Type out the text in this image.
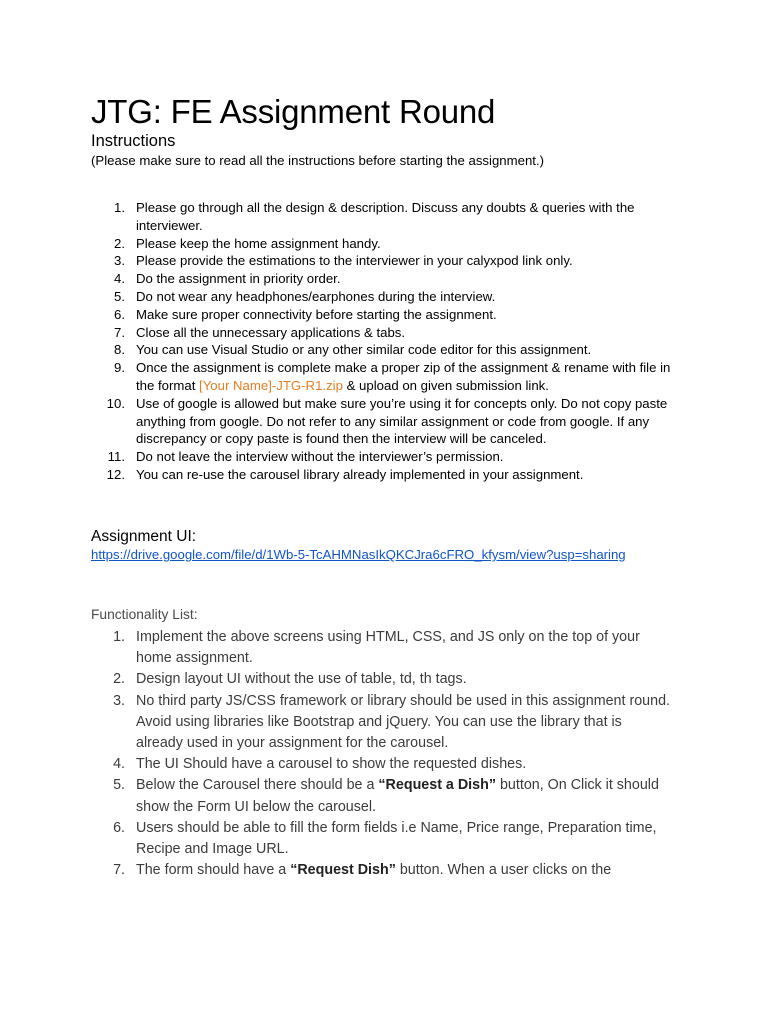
JTG: FE Assignment Round
Instructions
(Please make sure to read all the instructions before starting the assignment.)
1. Please go through all the design & description. Discuss any doubts & queries with the interviewer.
2. Please keep the home assignment handy.
3. Please provide the estimations to the interviewer in your calyxpod link only.
4. Do the assignment in priority order.
5. Do not wear any headphones/earphones during the interview.
6. Make sure proper connectivity before starting the assignment.
7. Close all the unnecessary applications & tabs.
8. You can use Visual Studio or any other similar code editor for this assignment.
9. Once the assignment is complete make a proper zip of the assignment & rename with file in the format [Your Name]-JTG-R1.zip & upload on given submission link.
10. Use of google is allowed but make sure you’re using it for concepts only. Do not copy paste anything from google. Do not refer to any similar assignment or code from google. If any discrepancy or copy paste is found then the interview will be canceled.
11. Do not leave the interview without the interviewer’s permission.
12. You can re-use the carousel library already implemented in your assignment.
Assignment UI:
https://drive.google.com/file/d/1Wb-5-TcAHMNasIkQKCJra6cFRO_kfysm/view?usp=sharing
Functionality List:
1. Implement the above screens using HTML, CSS, and JS only on the top of your home assignment.
2. Design layout UI without the use of table, td, th tags.
3. No third party JS/CSS framework or library should be used in this assignment round. Avoid using libraries like Bootstrap and jQuery. You can use the library that is already used in your assignment for the carousel.
4. The UI Should have a carousel to show the requested dishes.
5. Below the Carousel there should be a “Request a Dish” button, On Click it should show the Form UI below the carousel.
6. Users should be able to fill the form fields i.e Name, Price range, Preparation time, Recipe and Image URL.
7. The form should have a “Request Dish” button. When a user clicks on the
